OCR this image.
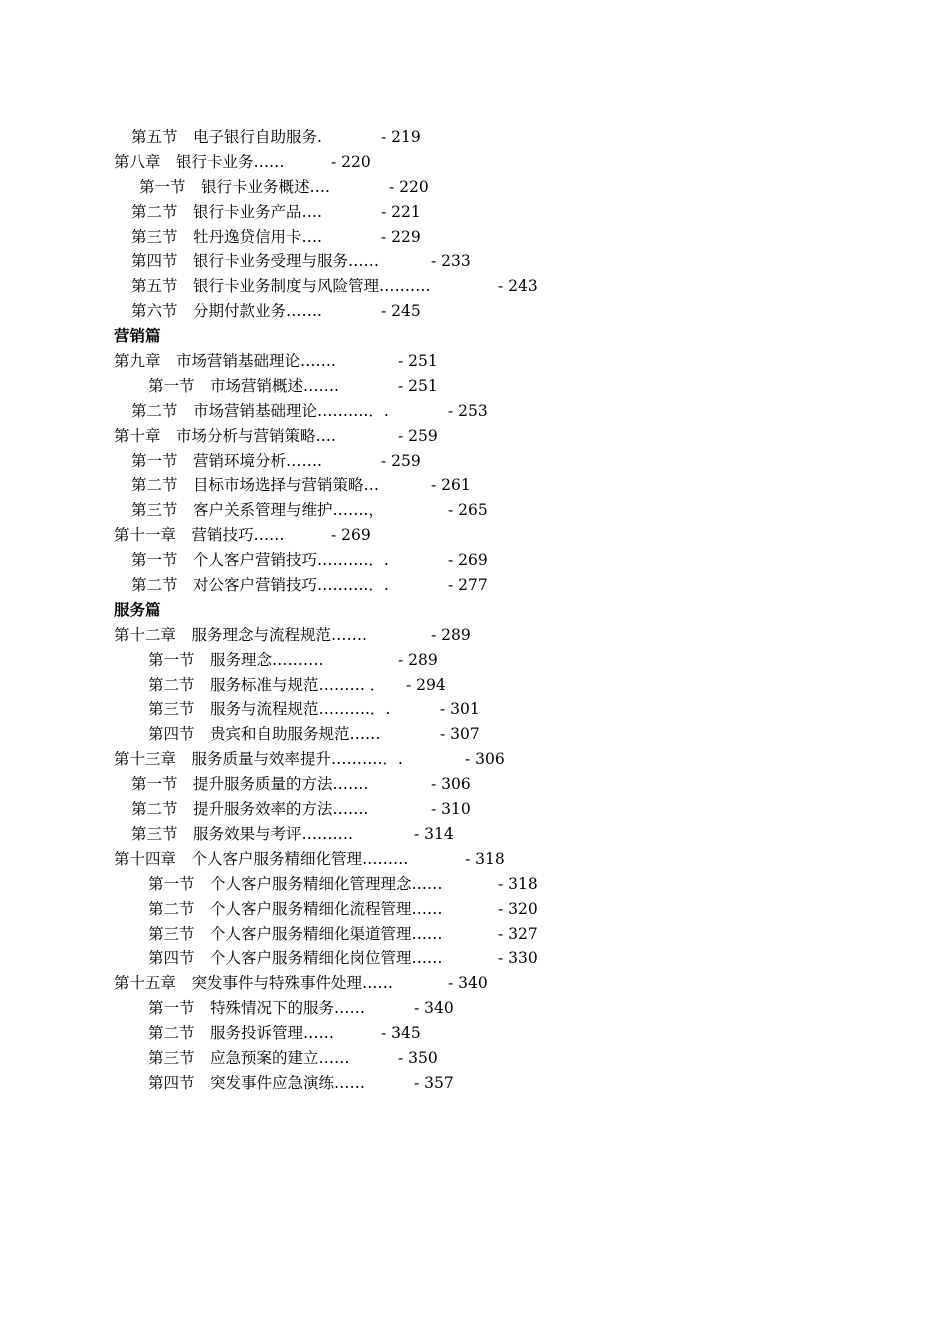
第五节　电子银行自助服务.	- 219
第八章　银行卡业务……	- 220
第一节　银行卡业务概述….	- 220
第二节　银行卡业务产品….	- 221
第三节　牡丹逸贷信用卡….	- 229
第四节　银行卡业务受理与服务……	- 233
第五节　银行卡业务制度与风险管理……….	- 243
第六节　分期付款业务…….	- 245
营销篇
第九章　市场营销基础理论…….	- 251
第一节　市场营销概述…….	- 251
第二节　市场营销基础理论……….．.	- 253
第十章　市场分析与营销策略….	- 259
第一节　营销环境分析…….	- 259
第二节　目标市场选择与营销策略…	- 261
第三节　客户关系管理与维护…….，	- 265
第十一章　营销技巧……	- 269
第一节　个人客户营销技巧……….．.	- 269
第二节　对公客户营销技巧……….．.	- 277
服务篇
第十二章　服务理念与流程规范…….	- 289
第一节　服务理念……….	- 289
第二节　服务标准与规范……… ． - 294
第三节　服务与流程规范……….．.	- 301
第四节　贵宾和自助服务规范……	- 307
第十三章　服务质量与效率提升……….．.	- 306
第一节　提升服务质量的方法…….	- 306
第二节　提升服务效率的方法…….	- 310
第三节　服务效果与考评……….	- 314
第十四章　个人客户服务精细化管理………	- 318
第一节　个人客户服务精细化管理理念……	- 318
第二节　个人客户服务精细化流程管理……	- 320
第三节　个人客户服务精细化渠道管理……	- 327
第四节　个人客户服务精细化岗位管理……	- 330
第十五章　突发事件与特殊事件处理……	- 340
第一节　特殊情况下的服务……	- 340
第二节　服务投诉管理……	- 345
第三节　应急预案的建立……	- 350
第四节　突发事件应急演练……	- 357
